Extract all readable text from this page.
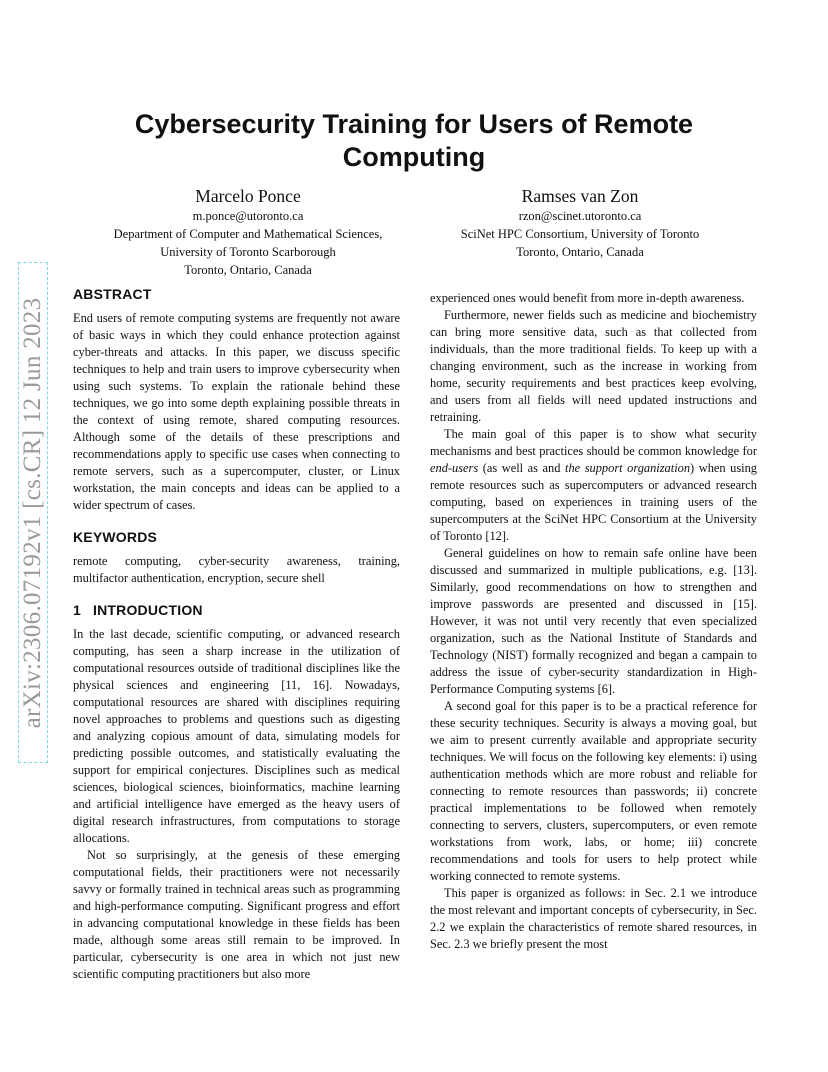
arXiv:2306.07192v1 [cs.CR] 12 Jun 2023
Cybersecurity Training for Users of Remote Computing
Marcelo Ponce
m.ponce@utoronto.ca
Department of Computer and Mathematical Sciences, University of Toronto Scarborough
Toronto, Ontario, Canada
Ramses van Zon
rzon@scinet.utoronto.ca
SciNet HPC Consortium, University of Toronto
Toronto, Ontario, Canada
ABSTRACT

End users of remote computing systems are frequently not aware of basic ways in which they could enhance protection against cyber-threats and attacks. In this paper, we discuss specific techniques to help and train users to improve cybersecurity when using such systems. To explain the rationale behind these techniques, we go into some depth explaining possible threats in the context of using remote, shared computing resources. Although some of the details of these prescriptions and recommendations apply to specific use cases when connecting to remote servers, such as a supercomputer, cluster, or Linux workstation, the main concepts and ideas can be applied to a wider spectrum of cases.

KEYWORDS

remote computing, cyber-security awareness, training, multifactor authentication, encryption, secure shell

1 INTRODUCTION

In the last decade, scientific computing, or advanced research computing, has seen a sharp increase in the utilization of computational resources outside of traditional disciplines like the physical sciences and engineering [11, 16]. Nowadays, computational resources are shared with disciplines requiring novel approaches to problems and questions such as digesting and analyzing copious amount of data, simulating models for predicting possible outcomes, and statistically evaluating the support for empirical conjectures. Disciplines such as medical sciences, biological sciences, bioinformatics, machine learning and artificial intelligence have emerged as the heavy users of digital research infrastructures, from computations to storage allocations.

Not so surprisingly, at the genesis of these emerging computational fields, their practitioners were not necessarily savvy or formally trained in technical areas such as programming and high-performance computing. Significant progress and effort in advancing computational knowledge in these fields has been made, although some areas still remain to be improved. In particular, cybersecurity is one area in which not just new scientific computing practitioners but also more

experienced ones would benefit from more in-depth awareness.

Furthermore, newer fields such as medicine and biochemistry can bring more sensitive data, such as that collected from individuals, than the more traditional fields. To keep up with a changing environment, such as the increase in working from home, security requirements and best practices keep evolving, and users from all fields will need updated instructions and retraining.

The main goal of this paper is to show what security mechanisms and best practices should be common knowledge for end-users (as well as and the support organization) when using remote resources such as supercomputers or advanced research computing, based on experiences in training users of the supercomputers at the SciNet HPC Consortium at the University of Toronto [12].

General guidelines on how to remain safe online have been discussed and summarized in multiple publications, e.g. [13]. Similarly, good recommendations on how to strengthen and improve passwords are presented and discussed in [15]. However, it was not until very recently that even specialized organization, such as the National Institute of Standards and Technology (NIST) formally recognized and began a campain to address the issue of cyber-security standardization in High-Performance Computing systems [6].

A second goal for this paper is to be a practical reference for these security techniques. Security is always a moving goal, but we aim to present currently available and appropriate security techniques. We will focus on the following key elements: i) using authentication methods which are more robust and reliable for connecting to remote resources than passwords; ii) concrete practical implementations to be followed when remotely connecting to servers, clusters, supercomputers, or even remote workstations from work, labs, or home; iii) concrete recommendations and tools for users to help protect while working connected to remote systems.

This paper is organized as follows: in Sec. 2.1 we introduce the most relevant and important concepts of cybersecurity, in Sec. 2.2 we explain the characteristics of remote shared resources, in Sec. 2.3 we briefly present the most
